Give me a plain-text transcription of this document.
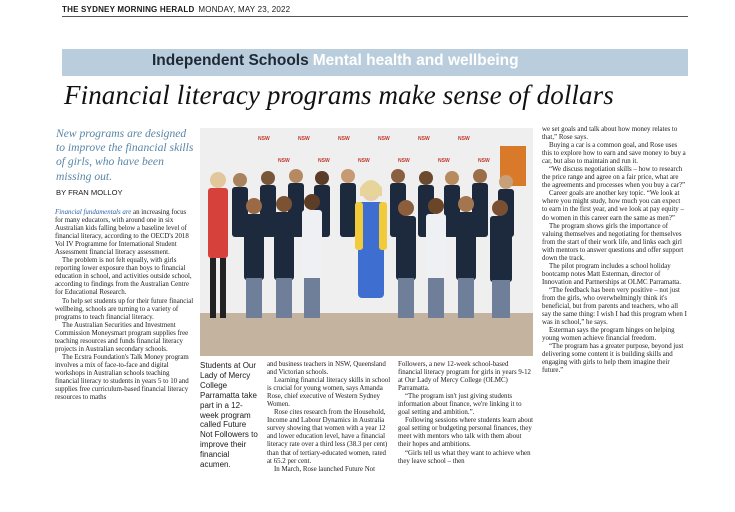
THE SYDNEY MORNING HERALD MONDAY, MAY 23, 2022
Independent Schools Mental health and wellbeing
Financial literacy programs make sense of dollars
New programs are designed to improve the financial skills of girls, who have been missing out.
BY FRAN MOLLOY

Financial fundamentals are an increasing focus for many educators, with around one in six Australian kids falling below a baseline level of financial literacy, according to the OECD's 2018 Vol IV Programme for International Student Assessment financial literacy assessment.

The problem is not felt equally, with girls reporting lower exposure than boys to financial education in school, and activities outside school, according to findings from the Australian Centre for Educational Research.

To help set students up for their future financial wellbeing, schools are turning to a variety of programs to teach financial literacy.

The Australian Securities and Investment Commission Moneysmart program supplies free teaching resources and funds financial literacy projects in Australian secondary schools.

The Ecstra Foundation's Talk Money program involves a mix of face-to-face and digital workshops in Australian schools teaching financial literacy to students in years 5 to 10 and supplies free curriculum-based financial literacy resources to maths

NSW	NSW	NSW	NSW	NSW	NSW
NSW	NSW	NSW	NSW	NSW	NSW
Students at Our Lady of Mercy College Parramatta take part in a 12-week program called Future Not Followers to improve their financial acumen.

and business teachers in NSW, Queensland and Victorian schools.

Learning financial literacy skills in school is crucial for young women, says Amanda Rose, chief executive of Western Sydney Women.

Rose cites research from the Household, Income and Labour Dynamics in Australia survey showing that women with a year 12 and lower education level, have a financial literacy rate over a third less (38.3 per cent) than that of tertiary-educated women, rated at 65.2 per cent.

In March, Rose launched Future Not

Followers, a new 12-week school-based financial literacy program for girls in years 9-12 at Our Lady of Mercy College (OLMC) Parramatta.

“The program isn't just giving students information about finance, we're linking it to goal setting and ambition.”.

Following sessions where students learn about goal setting or budgeting personal finances, they meet with mentors who talk with them about their hopes and ambitions.

“Girls tell us what they want to achieve when they leave school – then

we set goals and talk about how money relates to that,” Rose says.

Buying a car is a common goal, and Rose uses this to explore how to earn and save money to buy a car, but also to maintain and run it.

“We discuss negotiation skills – how to research the price range and agree on a fair price, what are the agreements and processes when you buy a car?”

Career goals are another key topic. “We look at where you might study, how much you can expect to earn in the first year, and we look at pay equity – do women in this career earn the same as men?”

The program shows girls the importance of valuing themselves and negotiating for themselves from the start of their work life, and links each girl with mentors to answer questions and offer support down the track.

The pilot program includes a school holiday bootcamp notes Matt Esterman, director of Innovation and Partnerships at OLMC Parramatta.

“The feedback has been very positive – not just from the girls, who overwhelmingly think it's beneficial, but from parents and teachers, who all say the same thing: I wish I had this program when I was in school,” he says.

Esterman says the program hinges on helping young women achieve financial freedom.

“The program has a greater purpose, beyond just delivering some content it is building skills and engaging with girls to help them imagine their future.”
